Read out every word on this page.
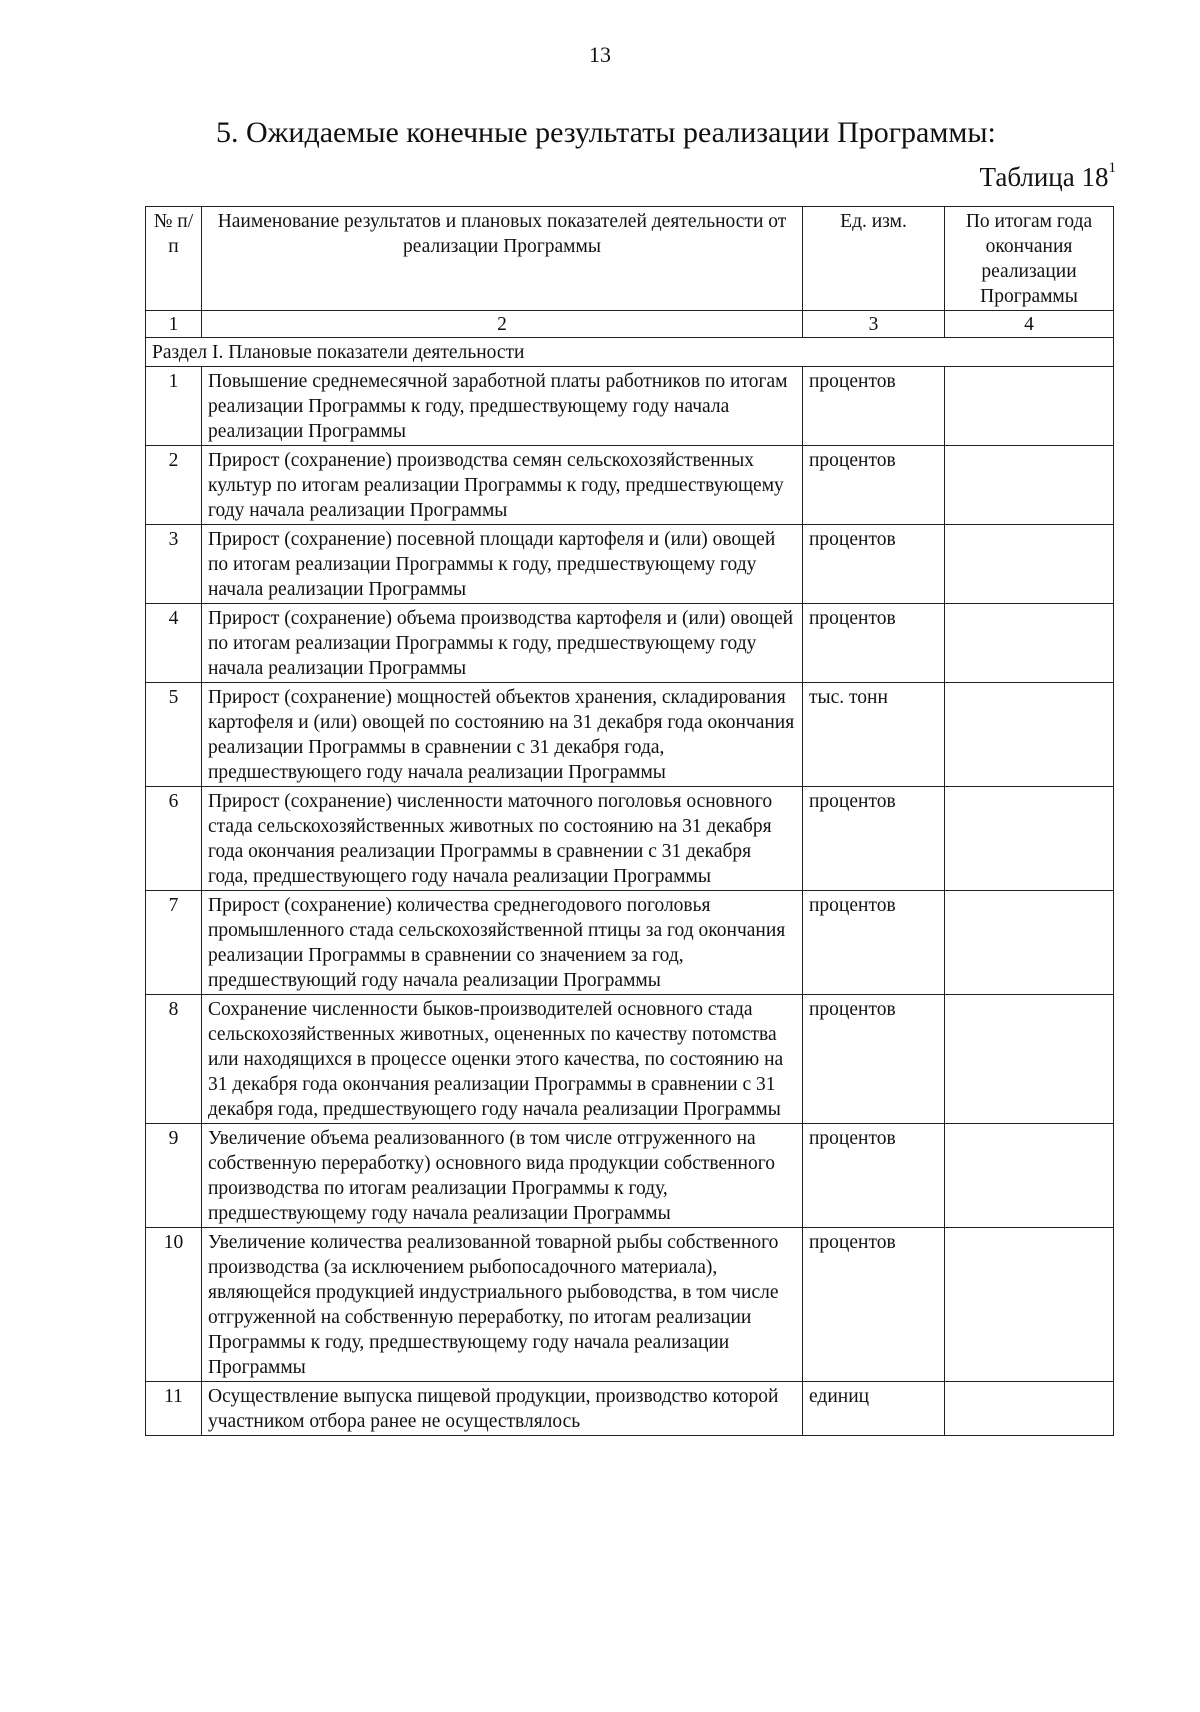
13
5. Ожидаемые конечные результаты реализации Программы:
Таблица $18^1$
№ п/п	Наименование результатов и плановых показателей деятельности от реализации Программы	Ед. изм.	По итогам года окончания реализации Программы
1	2	3	4
Раздел I. Плановые показатели деятельности			
1	Повышение среднемесячной заработной платы работников по итогам реализации Программы к году, предшествующему году начала реализации Программы	процентов	
2	Прирост (сохранение) производства семян сельскохозяйственных культур по итогам реализации Программы к году, предшествующему году начала реализации Программы	процентов	
3	Прирост (сохранение) посевной площади картофеля и (или) овощей по итогам реализации Программы к году, предшествующему году начала реализации Программы	процентов	
4	Прирост (сохранение) объема производства картофеля и (или) овощей по итогам реализации Программы к году, предшествующему году начала реализации Программы	процентов	
5	Прирост (сохранение) мощностей объектов хранения, складирования картофеля и (или) овощей по состоянию на 31 декабря года окончания реализации Программы в сравнении с 31 декабря года, предшествующего году начала реализации Программы	тыс. тонн	
6	Прирост (сохранение) численности маточного поголовья основного стада сельскохозяйственных животных по состоянию на 31 декабря года окончания реализации Программы в сравнении с 31 декабря года, предшествующего году начала реализации Программы	процентов	
7	Прирост (сохранение) количества среднегодового поголовья промышленного стада сельскохозяйственной птицы за год окончания реализации Программы в сравнении со значением за год, предшествующий году начала реализации Программы	процентов	
8	Сохранение численности быков-производителей основного стада сельскохозяйственных животных, оцененных по качеству потомства или находящихся в процессе оценки этого качества, по состоянию на 31 декабря года окончания реализации Программы в сравнении с 31 декабря года, предшествующего году начала реализации Программы	процентов	
9	Увеличение объема реализованного (в том числе отгруженного на собственную переработку) основного вида продукции собственного производства по итогам реализации Программы к году, предшествующему году начала реализации Программы	процентов	
10	Увеличение количества реализованной товарной рыбы собственного производства (за исключением рыбопосадочного материала), являющейся продукцией индустриального рыбоводства, в том числе отгруженной на собственную переработку, по итогам реализации Программы к году, предшествующему году начала реализации Программы	процентов	
11	Осуществление выпуска пищевой продукции, производство которой участником отбора ранее не осуществлялось	единиц	
